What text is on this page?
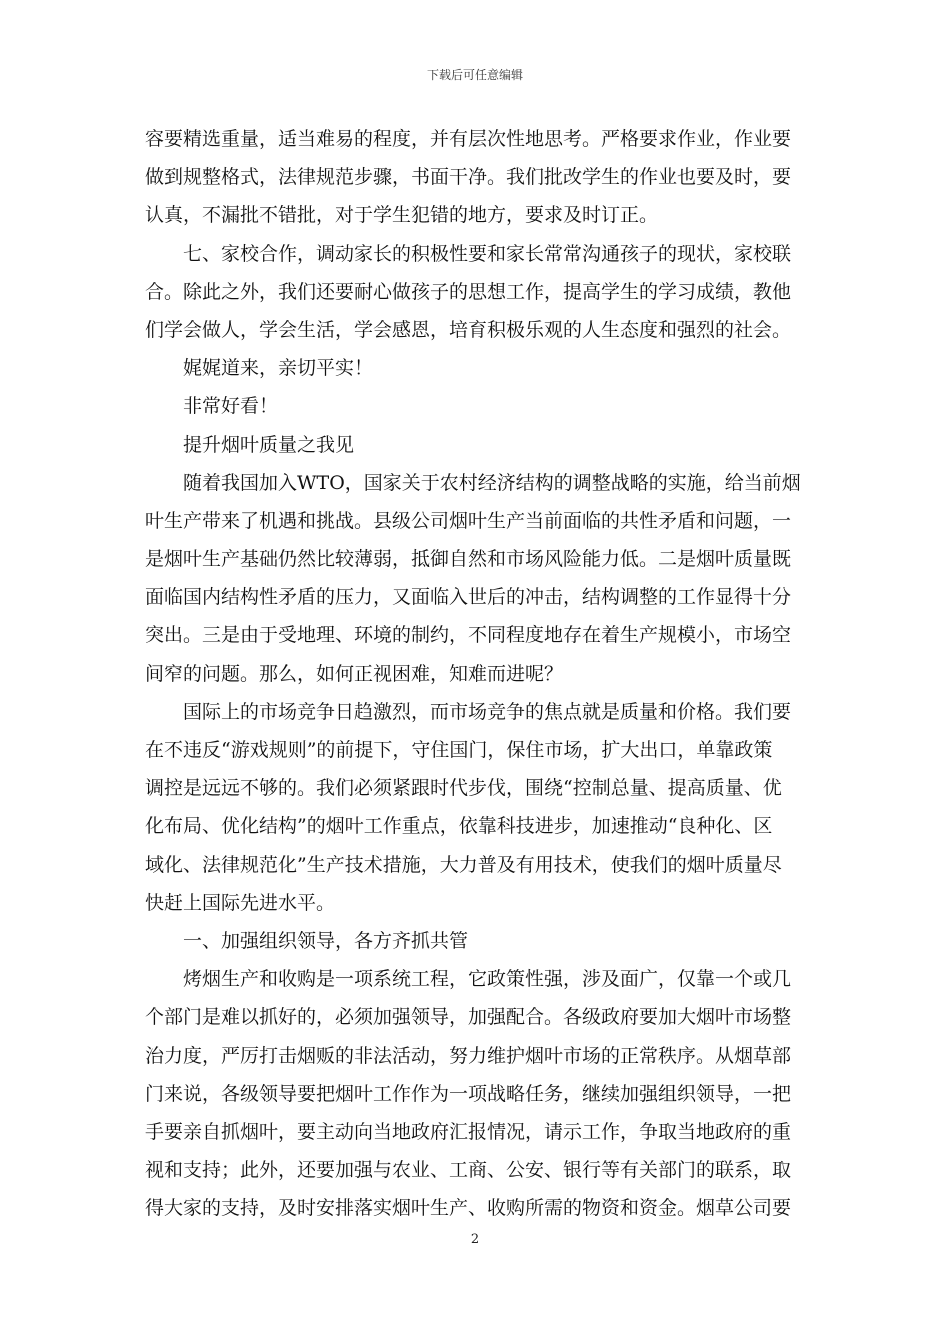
下载后可任意编辑
容要精选重量，适当难易的程度，并有层次性地思考。严格要求作业，作业要
做到规整格式，法律规范步骤，书面干净。我们批改学生的作业也要及时，要
认真，不漏批不错批，对于学生犯错的地方，要求及时订正。
七、家校合作，调动家长的积极性要和家长常常沟通孩子的现状，家校联
合。除此之外，我们还要耐心做孩子的思想工作，提高学生的学习成绩，教他
们学会做人，学会生活，学会感恩，培育积极乐观的人生态度和强烈的社会。
娓娓道来，亲切平实！
非常好看！
提升烟叶质量之我见
随着我国加入WTO，国家关于农村经济结构的调整战略的实施，给当前烟
叶生产带来了机遇和挑战。县级公司烟叶生产当前面临的共性矛盾和问题，一
是烟叶生产基础仍然比较薄弱，抵御自然和市场风险能力低。二是烟叶质量既
面临国内结构性矛盾的压力，又面临入世后的冲击，结构调整的工作显得十分
突出。三是由于受地理、环境的制约，不同程度地存在着生产规模小，市场空
间窄的问题。那么，如何正视困难，知难而进呢？
国际上的市场竞争日趋激烈，而市场竞争的焦点就是质量和价格。我们要
在不违反“游戏规则”的前提下，守住国门，保住市场，扩大出口，单靠政策
调控是远远不够的。我们必须紧跟时代步伐，围绕“控制总量、提高质量、优
化布局、优化结构”的烟叶工作重点，依靠科技进步，加速推动“良种化、区
域化、法律规范化”生产技术措施，大力普及有用技术，使我们的烟叶质量尽
快赶上国际先进水平。
一、加强组织领导，各方齐抓共管
烤烟生产和收购是一项系统工程，它政策性强，涉及面广，仅靠一个或几
个部门是难以抓好的，必须加强领导，加强配合。各级政府要加大烟叶市场整
治力度，严厉打击烟贩的非法活动，努力维护烟叶市场的正常秩序。从烟草部
门来说，各级领导要把烟叶工作作为一项战略任务，继续加强组织领导，一把
手要亲自抓烟叶，要主动向当地政府汇报情况，请示工作，争取当地政府的重
视和支持；此外，还要加强与农业、工商、公安、银行等有关部门的联系，取
得大家的支持，及时安排落实烟叶生产、收购所需的物资和资金。烟草公司要
2
